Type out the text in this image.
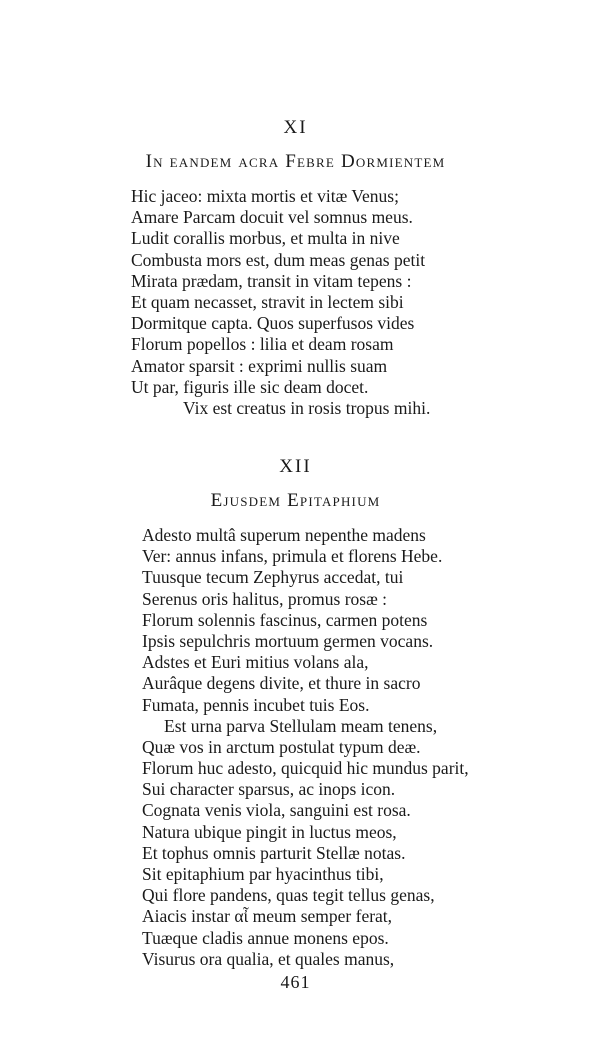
XI
In eandem acra Febre Dormientem
Hic jaceo: mixta mortis et vitæ Venus;
Amare Parcam docuit vel somnus meus.
Ludit corallis morbus, et multa in nive
Combusta mors est, dum meas genas petit
Mirata prædam, transit in vitam tepens :
Et quam necasset, stravit in lectem sibi
Dormitque capta. Quos superfusos vides
Florum popellos : lilia et deam rosam
Amator sparsit : exprimi nullis suam
Ut par, figuris ille sic deam docet.
Vix est creatus in rosis tropus mihi.
XII
Ejusdem Epitaphium
Adesto multâ superum nepenthe madens
Ver: annus infans, primula et florens Hebe.
Tuusque tecum Zephyrus accedat, tui
Serenus oris halitus, promus rosæ :
Florum solennis fascinus, carmen potens
Ipsis sepulchris mortuum germen vocans.
Adstes et Euri mitius volans ala,
Aurâque degens divite, et thure in sacro
Fumata, pennis incubet tuis Eos.
Est urna parva Stellulam meam tenens,
Quæ vos in arctum postulat typum deæ.
Florum huc adesto, quicquid hic mundus parit,
Sui character sparsus, ac inops icon.
Cognata venis viola, sanguini est rosa.
Natura ubique pingit in luctus meos,
Et tophus omnis parturit Stellæ notas.
Sit epitaphium par hyacinthus tibi,
Qui flore pandens, quas tegit tellus genas,
Aiacis instar αἶ meum semper ferat,
Tuæque cladis annue monens epos.
Visurus ora qualia, et quales manus,
461
